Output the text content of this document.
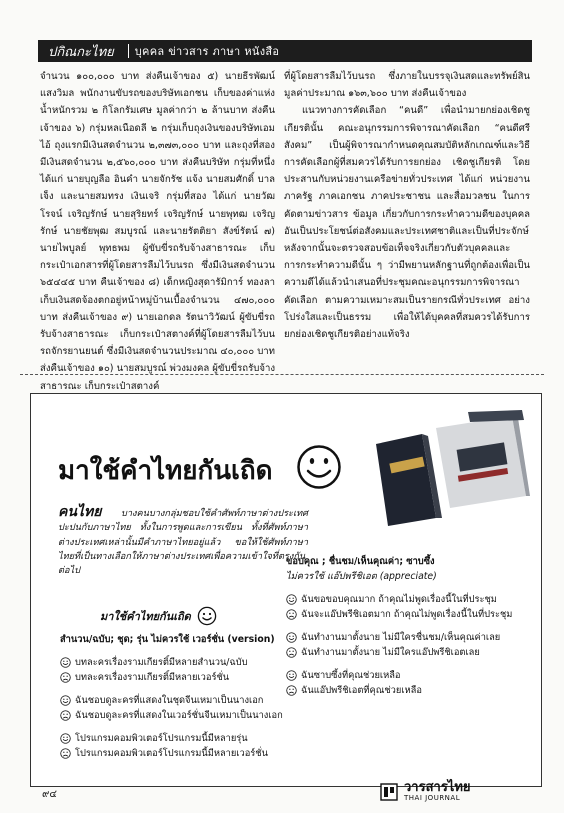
ปกิณกะไทย	บุคคล ข่าวสาร ภาษา หนังสือ

จำนวน ๑๐๐,๐๐๐ บาท ส่งคืนเจ้าของ ๕) นายธีรพัฒน์ แสงวิมล พนักงานขับรถของบริษัทเอกชน เก็บของค่าแห่งน้ำหนักรวม ๒ กิโลกรัมเศษ มูลค่ากว่า ๒ ล้านบาท ส่งคืนเจ้าของ ๖) กรุ่มหลเนือดลี ๒ กรุ่มเก็บถุงเงินของบริษัทเอมไอ้ ถุงแรกมีเงินสดจำนวน ๒,๓๗๓,๐๐๐ บาท และถุงที่สองมีเงินสดจำนวน ๒,๕๖๐,๐๐๐ บาท ส่งคืนบริษัท กรุ่มที่หนึ่ง ได้แก่ นายบุญลือ อินคำ นายจักรัช แจ้ง นายสมศักดิ์ บาลเจ็ง และนายสมทรง เงินเจริ กรุ่มที่สอง ได้แก่ นายวัฒโรจน์ เจริญรักษ์ นายสุริยทร์ เจริญรักษ์ นายพุทฒ เจริญรักษ์ นายชัยพุฒ สมบูรณ์ และนายรัตติยา สังข์รัตน์ ๗) นายไพบูลย์ พุทธพม ผู้ขับขี่รถรับจ้างสาธารณะ เก็บกระเป๋าเอกสารที่ผู้โดยสารลืมไว้บนรถ ซึ่งมีเงินสดจำนวน ๖๕๔๔๕ บาท คืนเจ้าของ ๘) เด็กหญิงสุดารัมิการ์ ทองลา เก็บเงินสดจ้องตกอยู่หน้าหมู่บ้านเบื้องจำนวน ๔๗๐,๐๐๐ บาท ส่งคืนเจ้าของ ๙) นายเอกดล รัตนาวิวัฒน์ ผู้ขับขี่รถรับจ้างสาธารณะ เก็บกระเป๋าสตางค์ที่ผู้โดยสารลืมไว้บนรถจักรยานยนต์ ซึ่งมีเงินสดจำนวนประมาณ ๔๐,๐๐๐ บาท ส่งคืนเจ้าของ ๑๐) นายสมบูรณ์ พ่วงมงคล ผู้ขับขี่รถรับจ้างสาธารณะ เก็บกระเป๋าสตางค์

ที่ผู้โดยสารลืมไว้บนรถ ซึ่งภายในบรรจุเงินสดและทรัพย์สินมูลค่าประมาณ ๑๖๓,๖๐๐ บาท ส่งคืนเจ้าของ

แนวทางการคัดเลือก “คนดี” เพื่อนำมายกย่องเชิดชูเกียรตินั้น คณะอนุกรรมการพิจารณาคัดเลือก “คนดีศรีสังคม” เป็นผู้พิจารณากำหนดคุณสมบัติหลักเกณฑ์และวิธีการคัดเลือกผู้ที่สมควรได้รับการยกย่อง เชิดชูเกียรติ โดยประสานกับหน่วยงานเครือข่ายทั่วประเทศ ได้แก่ หน่วยงานภาครัฐ ภาคเอกชน ภาคประชาชน และสื่อมวลชน ในการคัดตามข่าวสาร ข้อมูล เกี่ยวกับการกระทำความดีของบุคคล อันเป็นประโยชน์ต่อสังคมและประเทศชาติและเป็นที่ประจักษ์ หลังจากนั้นจะตรวจสอบข้อเท็จจริงเกี่ยวกับตัวบุคคลและการกระทำความดีนั้น ๆ ว่ามีพยานหลักฐานที่ถูกต้องเพื่อเป็นความดีได้แล้วนำเสนอที่ประชุมคณะอนุกรรมการพิจารณาคัดเลือก ตามความเหมาะสมเป็นรายกรณีทั่วประเทศ อย่างโปร่งใสและเป็นธรรม เพื่อให้ได้บุคคลที่สมควรได้รับการยกย่องเชิดชูเกียรติอย่างแท้จริง

มาใช้คำไทยกันเถิด
คนไทย บางคนบางกลุ่มชอบใช้คำศัพท์ภาษาต่างประเทศปะปนกับภาษาไทย ทั้งในการพูดและการเขียน ทั้งที่ศัพท์ภาษาต่างประเทศเหล่านั้นมีคำภาษาไทยอยู่แล้ว ขอให้ใช้ศัพท์ภาษาไทยที่เป็นทางเลือกให้ภาษาต่างประเทศเพื่อความเข้าใจที่ตรงกันต่อไป
มาใช้คำไทยกันเถิด
สำนวน/ฉบับ; ชุด; รุ่น ไม่ควรใช้ เวอร์ชั่น (version)
บทละครเรื่องรามเกียรติ์มีหลายสำนวน/ฉบับ
บทละครเรื่องรามเกียรติ์มีหลายเวอร์ชั่น
ฉันชอบดูละครที่แสดงในชุดจีนเหมาเป็นนางเอก
ฉันชอบดูละครที่แสดงในเวอร์ชั่นจีนเหมาเป็นนางเอก
โปรแกรมคอมพิวเตอร์โปรแกรมนี้มีหลายรุ่น
โปรแกรมคอมพิวเตอร์โปรแกรมนี้มีหลายเวอร์ชั่น
ขอบคุณ ; ชื่นชม/เห็นคุณค่า; ซาบซึ้ง
ไม่ควรใช้ แอ๊ปพรีชิเอต (appreciate)
ฉันขอขอบคุณมาก ถ้าคุณไม่พูดเรื่องนี้ในที่ประชุม
ฉันจะแอ๊ปพรีชิเอตมาก ถ้าคุณไม่พูดเรื่องนี้ในที่ประชุม
ฉันทำงานมาตั้งนาย ไม่มีใครชื่นชม/เห็นคุณค่าเลย
ฉันทำงานมาตั้งนาย ไม่มีใครแอ๊ปพรีชิเอตเลย
ฉันซาบซึ้งที่คุณช่วยเหลือ
ฉันแอ๊ปพรีชิเอตที่คุณช่วยเหลือ
๙๔	วารสารไทย
THAI JOURNAL
